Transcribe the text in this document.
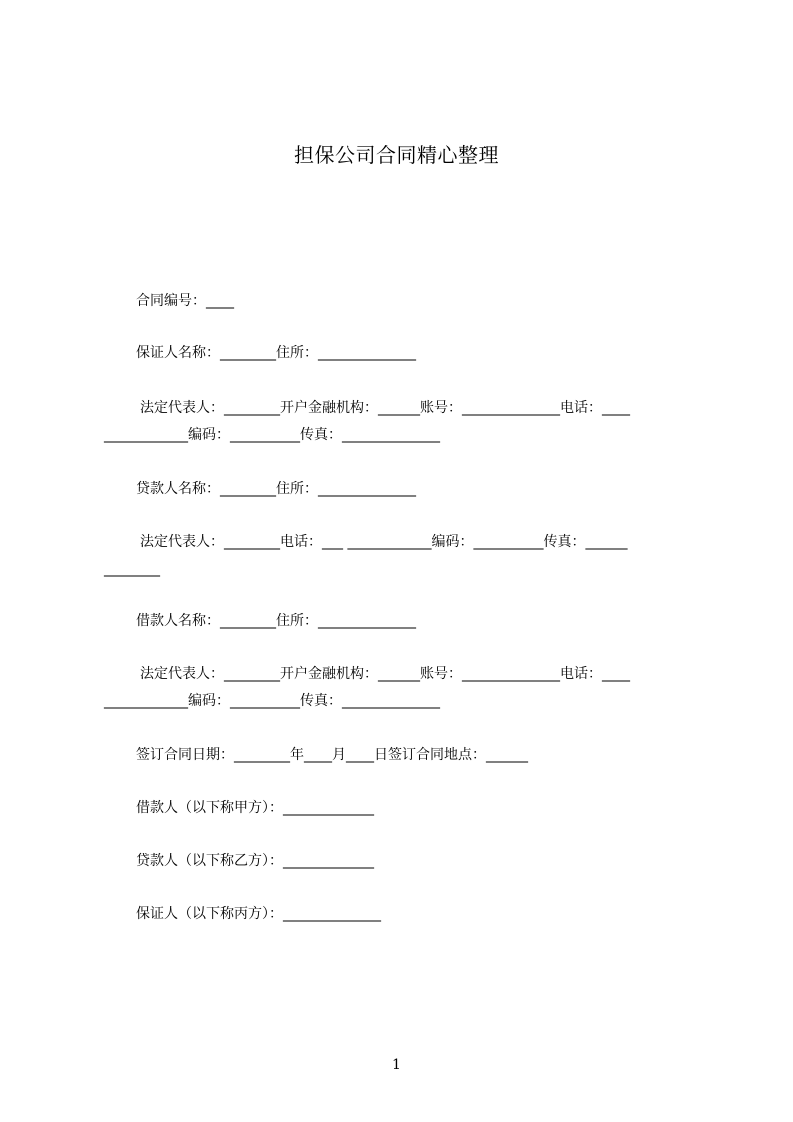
担保公司合同精心整理
合同编号：____
保证人名称：________住所：______________
法定代表人：________开户金融机构：______账号：______________电话：____
____________编码：__________传真：______________
贷款人名称：________住所：______________
法定代表人：________电话：___ ____________编码：__________传真：______
________
借款人名称：________住所：______________
法定代表人：________开户金融机构：______账号：______________电话：____
____________编码：__________传真：______________
签订合同日期：________年____月____日签订合同地点：______
借款人（以下称甲方）：_____________
贷款人（以下称乙方）：_____________
保证人（以下称丙方）：______________
1
